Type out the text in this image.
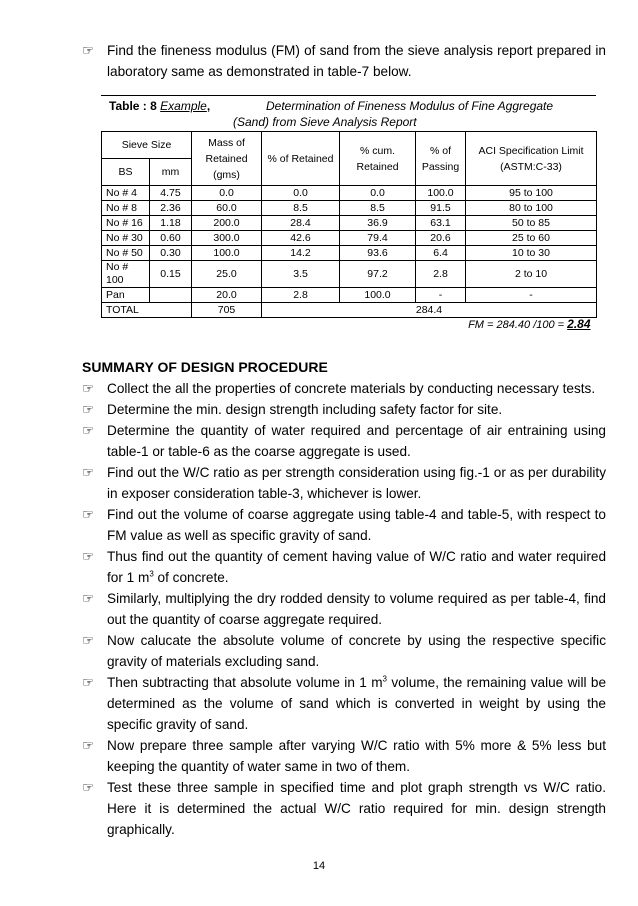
☞ Find the fineness modulus (FM) of sand from the sieve analysis report prepared in laboratory same as demonstrated in table-7 below.
Table : 8 Example,	Determination of Fineness Modulus of Fine Aggregate
(Sand) from Sieve Analysis Report
Sieve Size		Mass of Retained (gms)	% of Retained	% cum. Retained	% of Passing	ACI Specification Limit (ASTM:C-33)
BS	mm					
No # 4	4.75	0.0	0.0	0.0	100.0	95 to 100
No # 8	2.36	60.0	8.5	8.5	91.5	80 to 100
No # 16	1.18	200.0	28.4	36.9	63.1	50 to 85
No # 30	0.60	300.0	42.6	79.4	20.6	25 to 60
No # 50	0.30	100.0	14.2	93.6	6.4	10 to 30
No # 100	0.15	25.0	3.5	97.2	2.8	2 to 10
Pan		20.0	2.8	100.0	-	-
TOTAL		705	284.4			
FM = 284.40 /100 = 2.84						
SUMMARY OF DESIGN PROCEDURE
☞ Collect the all the properties of concrete materials by conducting necessary tests.
☞ Determine the min. design strength including safety factor for site.
☞ Determine the quantity of water required and percentage of air entraining using table-1 or table-6 as the coarse aggregate is used.
☞ Find out the W/C ratio as per strength consideration using fig.-1 or as per durability in exposer consideration table-3, whichever is lower.
☞ Find out the volume of coarse aggregate using table-4 and table-5, with respect to FM value as well as specific gravity of sand.
☞ Thus find out the quantity of cement having value of W/C ratio and water required for 1 $m^3$ of concrete.
☞ Similarly, multiplying the dry rodded density to volume required as per table-4, find out the quantity of coarse aggregate required.
☞ Now calucate the absolute volume of concrete by using the respective specific gravity of materials excluding sand.
☞ Then subtracting that absolute volume in 1 $m^3$ volume, the remaining value will be determined as the volume of sand which is converted in weight by using the specific gravity of sand.
☞ Now prepare three sample after varying W/C ratio with 5% more & 5% less but keeping the quantity of water same in two of them.
☞ Test these three sample in specified time and plot graph strength vs W/C ratio. Here it is determined the actual W/C ratio required for min. design strength graphically.
14
